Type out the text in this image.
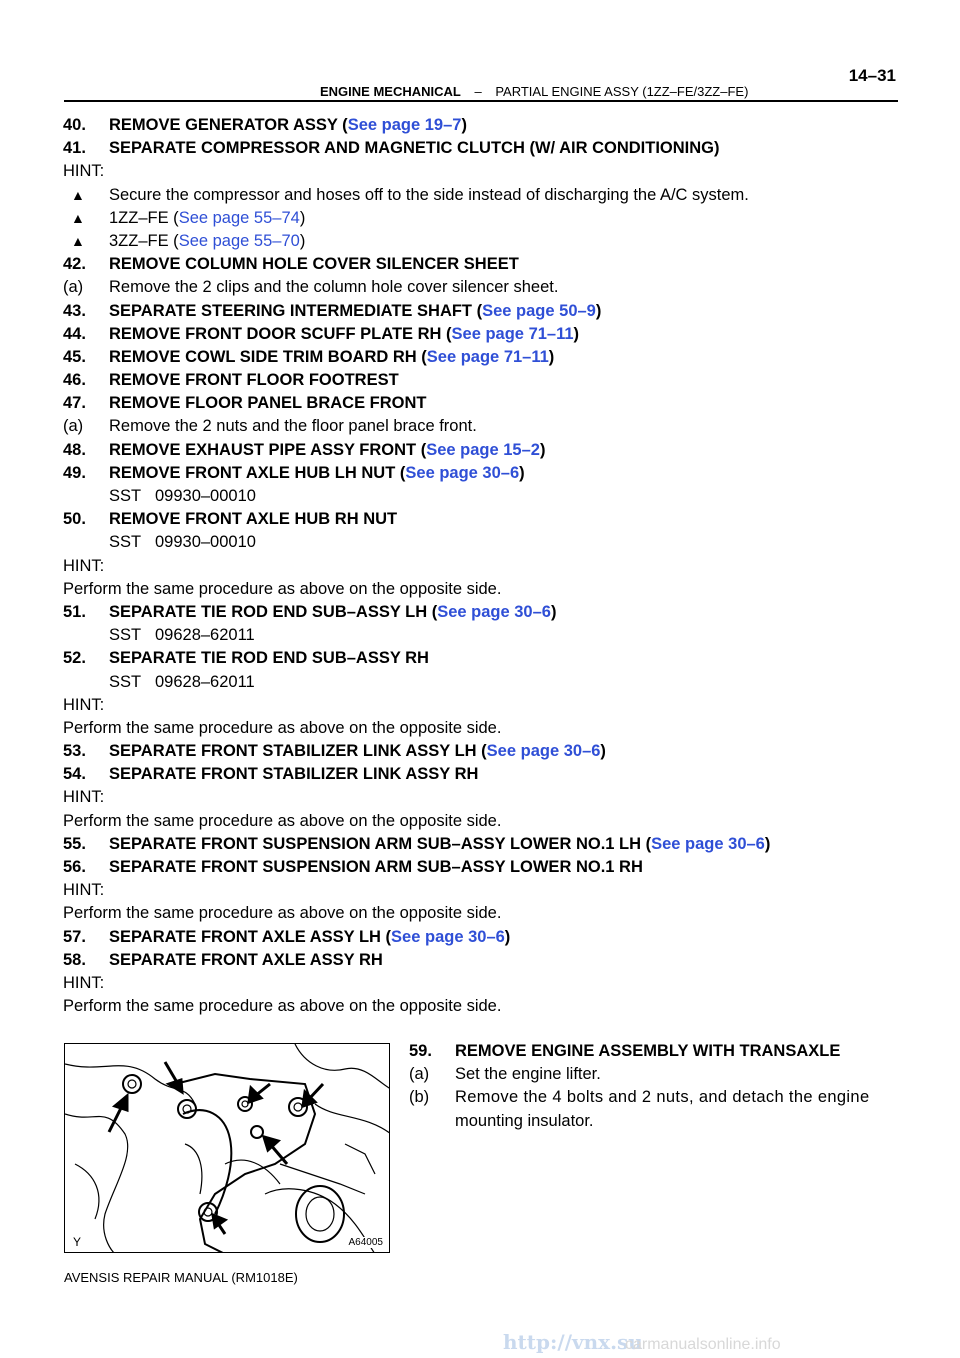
ENGINE MECHANICAL – PARTIAL ENGINE ASSY (1ZZ–FE/3ZZ–FE)
14–31
40. REMOVE GENERATOR ASSY (See page 19–7)
41. SEPARATE COMPRESSOR AND MAGNETIC CLUTCH (W/ AIR CONDITIONING)
HINT:
▲ Secure the compressor and hoses off to the side instead of discharging the A/C system.
▲ 1ZZ–FE (See page 55–74)
▲ 3ZZ–FE (See page 55–70)
42. REMOVE COLUMN HOLE COVER SILENCER SHEET
(a) Remove the 2 clips and the column hole cover silencer sheet.
43. SEPARATE STEERING INTERMEDIATE SHAFT (See page 50–9)
44. REMOVE FRONT DOOR SCUFF PLATE RH (See page 71–11)
45. REMOVE COWL SIDE TRIM BOARD RH (See page 71–11)
46. REMOVE FRONT FLOOR FOOTREST
47. REMOVE FLOOR PANEL BRACE FRONT
(a) Remove the 2 nuts and the floor panel brace front.
48. REMOVE EXHAUST PIPE ASSY FRONT (See page 15–2)
49. REMOVE FRONT AXLE HUB LH NUT (See page 30–6)
SST 09930–00010
50. REMOVE FRONT AXLE HUB RH NUT
SST 09930–00010
HINT:
Perform the same procedure as above on the opposite side.
51. SEPARATE TIE ROD END SUB–ASSY LH (See page 30–6)
SST 09628–62011
52. SEPARATE TIE ROD END SUB–ASSY RH
SST 09628–62011
HINT:
Perform the same procedure as above on the opposite side.
53. SEPARATE FRONT STABILIZER LINK ASSY LH (See page 30–6)
54. SEPARATE FRONT STABILIZER LINK ASSY RH
HINT:
Perform the same procedure as above on the opposite side.
55. SEPARATE FRONT SUSPENSION ARM SUB–ASSY LOWER NO.1 LH (See page 30–6)
56. SEPARATE FRONT SUSPENSION ARM SUB–ASSY LOWER NO.1 RH
HINT:
Perform the same procedure as above on the opposite side.
57. SEPARATE FRONT AXLE ASSY LH (See page 30–6)
58. SEPARATE FRONT AXLE ASSY RH
HINT:
Perform the same procedure as above on the opposite side.
Y	A64005
59. REMOVE ENGINE ASSEMBLY WITH TRANSAXLE
(a) Set the engine lifter.
(b) Remove the 4 bolts and 2 nuts, and detach the engine
mounting insulator.
AVENSIS REPAIR MANUAL (RM1018E)
http://vnx.su
carmanualsonline.info
